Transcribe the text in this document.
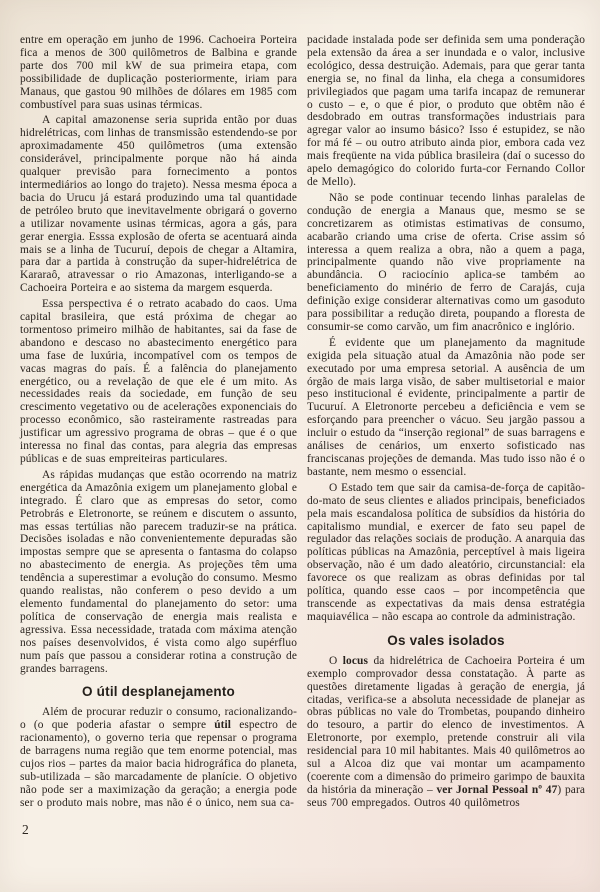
entre em operação em junho de 1996. Cachoeira Porteira fica a menos de 300 quilômetros de Balbina e grande parte dos 700 mil kW de sua primeira etapa, com possibilidade de duplicação posteriormente, iriam para Manaus, que gastou 90 milhões de dólares em 1985 com combustível para suas usinas térmicas.

A capital amazonense seria suprida então por duas hidrelétricas, com linhas de transmissão estendendo-se por aproximadamente 450 quilômetros (uma extensão considerável, principalmente porque não há ainda qualquer previsão para fornecimento a pontos intermediários ao longo do trajeto). Nessa mesma época a bacia do Urucu já estará produzindo uma tal quantidade de petróleo bruto que inevitavelmente obrigará o governo a utilizar novamente usinas térmicas, agora a gás, para gerar energia. Esssa explosão de oferta se acentuará ainda mais se a linha de Tucuruí, depois de chegar a Altamira, para dar a partida à construção da super-hidrelétrica de Kararaô, atravessar o rio Amazonas, interligando-se a Cachoeira Porteira e ao sistema da margem esquerda.

Essa perspectiva é o retrato acabado do caos. Uma capital brasileira, que está próxima de chegar ao tormentoso primeiro milhão de habitantes, sai da fase de abandono e descaso no abastecimento energético para uma fase de luxúria, incompatível com os tempos de vacas magras do país. É a falência do planejamento energético, ou a revelação de que ele é um mito. As necessidades reais da sociedade, em função de seu crescimento vegetativo ou de acelerações exponenciais do processo econômico, são rasteiramente rastreadas para justificar um agressivo programa de obras – que é o que interessa no final das contas, para alegria das empresas públicas e de suas empreiteiras particulares.

As rápidas mudanças que estão ocorrendo na matriz energética da Amazônia exigem um planejamento global e integrado. É claro que as empresas do setor, como Petrobrás e Eletronorte, se reúnem e discutem o assunto, mas essas tertúlias não parecem traduzir-se na prática. Decisões isoladas e não convenientemente depuradas são impostas sempre que se apresenta o fantasma do colapso no abastecimento de energia. As projeções têm uma tendência a superestimar a evolução do consumo. Mesmo quando realistas, não conferem o peso devido a um elemento fundamental do planejamento do setor: uma política de conservação de energia mais realista e agressiva. Essa necessidade, tratada com máxima atenção nos países desenvolvidos, é vista como algo supérfluo num país que passou a considerar rotina a construção de grandes barragens.

O útil desplanejamento

Além de procurar reduzir o consumo, racionalizando-o (o que poderia afastar o sempre útil espectro de racionamento), o governo teria que repensar o programa de barragens numa região que tem enorme potencial, mas cujos rios – partes da maior bacia hidrográfica do planeta, sub-utilizada – são marcadamente de planície. O objetivo não pode ser a maximização da geração; a energia pode ser o produto mais nobre, mas não é o único, nem sua ca-

2

pacidade instalada pode ser definida sem uma ponderação pela extensão da área a ser inundada e o valor, inclusive ecológico, dessa destruição. Ademais, para que gerar tanta energia se, no final da linha, ela chega a consumidores privilegiados que pagam uma tarifa incapaz de remunerar o custo – e, o que é pior, o produto que obtêm não é desdobrado em outras transformações industriais para agregar valor ao insumo básico? Isso é estupidez, se não for má fé – ou outro atributo ainda pior, embora cada vez mais freqüente na vida pública brasileira (daí o sucesso do apelo demagógico do colorido furta-cor Fernando Collor de Mello).

Não se pode continuar tecendo linhas paralelas de condução de energia a Manaus que, mesmo se se concretizarem as otimistas estimativas de consumo, acabarão criando uma crise de oferta. Crise assim só interessa a quem realiza a obra, não a quem a paga, principalmente quando não vive propriamente na abundância. O raciocínio aplica-se também ao beneficiamento do minério de ferro de Carajás, cuja definição exige considerar alternativas como um gasoduto para possibilitar a redução direta, poupando a floresta de consumir-se como carvão, um fim anacrônico e inglório.

É evidente que um planejamento da magnitude exigida pela situação atual da Amazônia não pode ser executado por uma empresa setorial. A ausência de um órgão de mais larga visão, de saber multisetorial e maior peso institucional é evidente, principalmente a partir de Tucuruí. A Eletronorte percebeu a deficiência e vem se esforçando para preencher o vácuo. Seu jargão passou a incluir o estudo da “inserção regional” de suas barragens e análises de cenários, um enxerto sofisticado nas franciscanas projeções de demanda. Mas tudo isso não é o bastante, nem mesmo o essencial.

O Estado tem que sair da camisa-de-força de capitão-do-mato de seus clientes e aliados principais, beneficiados pela mais escandalosa política de subsídios da história do capitalismo mundial, e exercer de fato seu papel de regulador das relações sociais de produção. A anarquia das políticas públicas na Amazônia, perceptível à mais ligeira observação, não é um dado aleatório, circunstancial: ela favorece os que realizam as obras definidas por tal política, quando esse caos – por incompetência que transcende as expectativas da mais densa estratégia maquiavélica – não escapa ao controle da administração.

Os vales isolados

O locus da hidrelétrica de Cachoeira Porteira é um exemplo comprovador dessa constatação. À parte as questões diretamente ligadas à geração de energia, já citadas, verifica-se a absoluta necessidade de planejar as obras públicas no vale do Trombetas, poupando dinheiro do tesouro, a partir do elenco de investimentos. A Eletronorte, por exemplo, pretende construir ali vila residencial para 10 mil habitantes. Mais 40 quilômetros ao sul a Alcoa diz que vai montar um acampamento (coerente com a dimensão do primeiro garimpo de bauxita da história da mineração – ver Jornal Pessoal nº 47) para seus 700 empregados. Outros 40 quilômetros
